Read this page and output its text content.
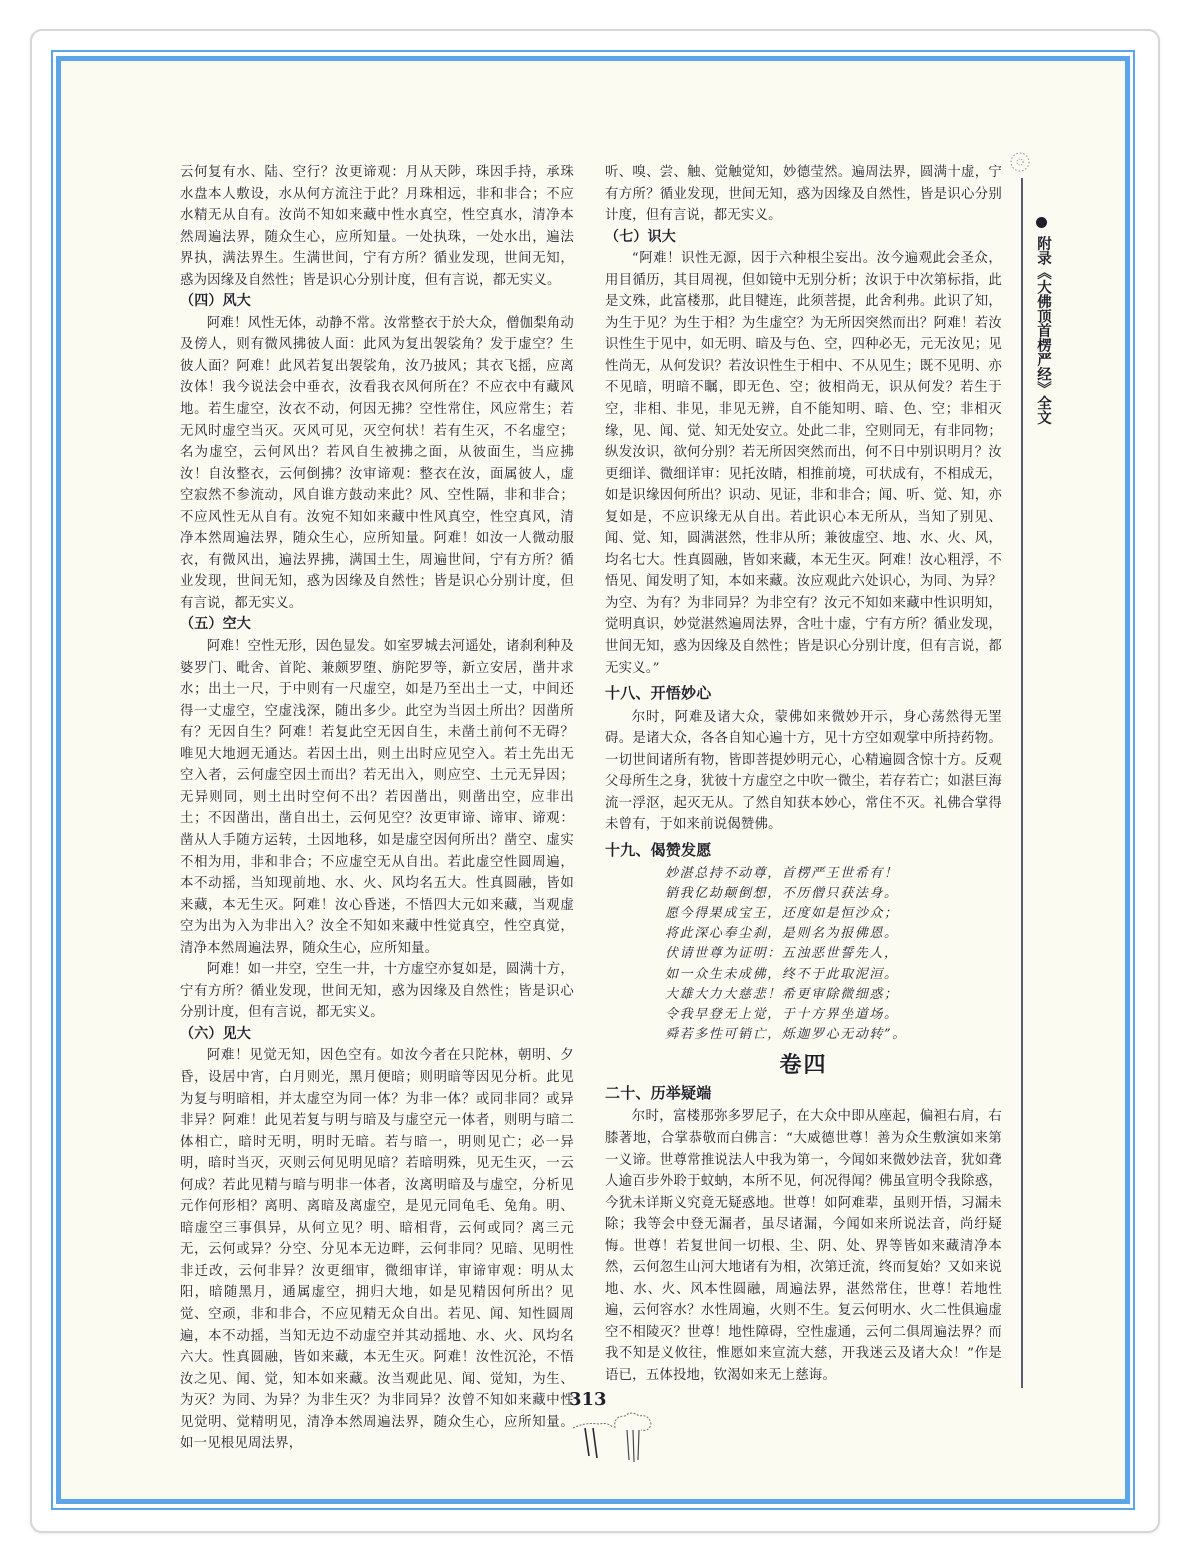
附录《大佛顶首楞严经》全文

云何复有水、陆、空行？汝更谛观：月从天陟，珠因手持，承珠水盘本人敷设，水从何方流注于此？月珠相远，非和非合；不应水精无从自有。汝尚不知如来藏中性水真空，性空真水，清净本然周遍法界，随众生心，应所知量。一处执珠，一处水出，遍法界执，满法界生。生满世间，宁有方所？循业发现，世间无知，惑为因缘及自然性；皆是识心分别计度，但有言说，都无实义。

（四）风大

阿难！风性无体，动静不常。汝常整衣于於大众，僧伽梨角动及傍人，则有微风拂彼人面：此风为复出袈裟角？发于虚空？生彼人面？阿难！此风若复出袈裟角，汝乃披风；其衣飞摇，应离汝体！我今说法会中垂衣，汝看我衣风何所在？不应衣中有藏风地。若生虚空，汝衣不动，何因无拂？空性常住，风应常生；若无风时虚空当灭。灭风可见，灭空何状！若有生灭，不名虚空；名为虚空，云何风出？若风自生被拂之面，从彼面生，当应拂汝！自汝整衣，云何倒拂？汝审谛观：整衣在汝，面属彼人，虚空寂然不参流动，风自谁方鼓动来此？风、空性隔，非和非合；不应风性无从自有。汝宛不知如来藏中性风真空，性空真风，清净本然周遍法界，随众生心，应所知量。阿难！如汝一人微动服衣，有微风出，遍法界拂，满国土生，周遍世间，宁有方所？循业发现，世间无知，惑为因缘及自然性；皆是识心分别计度，但有言说，都无实义。

（五）空大

阿难！空性无形，因色显发。如室罗城去河遥处，诸刹利种及婆罗门、毗舍、首陀、兼颇罗堕、旃陀罗等，新立安居，凿井求水；出土一尺，于中则有一尺虚空，如是乃至出土一丈，中间还得一丈虚空，空虚浅深，随出多少。此空为当因土所出？因凿所有？无因自生？阿难！若复此空无因自生，未凿土前何不无碍？唯见大地迥无通达。若因土出，则土出时应见空入。若土先出无空入者，云何虚空因土而出？若无出入，则应空、土元无异因；无异则同，则土出时空何不出？若因凿出，则凿出空，应非出土；不因凿出，凿自出土，云何见空？汝更审谛、谛审、谛观：凿从人手随方运转，土因地移，如是虚空因何所出？凿空、虚实不相为用，非和非合；不应虚空无从自出。若此虚空性圆周遍，本不动摇，当知现前地、水、火、风均名五大。性真圆融，皆如来藏，本无生灭。阿难！汝心昏迷，不悟四大元如来藏，当观虚空为出为入为非出入？汝全不知如来藏中性觉真空，性空真觉，清净本然周遍法界，随众生心，应所知量。

阿难！如一井空，空生一井，十方虚空亦复如是，圆满十方，宁有方所？循业发现，世间无知，惑为因缘及自然性；皆是识心分别计度，但有言说，都无实义。

（六）见大

阿难！见觉无知，因色空有。如汝今者在只陀林，朝明、夕昏，设居中宵，白月则光，黑月便暗；则明暗等因见分析。此见为复与明暗相，并太虚空为同一体？为非一体？或同非同？或异非异？阿难！此见若复与明与暗及与虚空元一体者，则明与暗二体相亡，暗时无明，明时无暗。若与暗一，明则见亡；必一异明，暗时当灭，灭则云何见明见暗？若暗明殊，见无生灭，一云何成？若此见精与暗与明非一体者，汝离明暗及与虚空，分析见元作何形相？离明、离暗及离虚空，是见元同龟毛、兔角。明、暗虚空三事俱异，从何立见？明、暗相背，云何或同？离三元无，云何或异？分空、分见本无边畔，云何非同？见暗、见明性非迁改，云何非异？汝更细审，微细审详，审谛审观：明从太阳，暗随黑月，通属虚空，拥归大地，如是见精因何所出？见觉、空顽，非和非合，不应见精无众自出。若见、闻、知性圆周遍，本不动摇，当知无边不动虚空并其动摇地、水、火、风均名六大。性真圆融，皆如来藏，本无生灭。阿难！汝性沉沦，不悟汝之见、闻、觉，知本如来藏。汝当观此见、闻、觉知，为生、为灭？为同、为异？为非生灭？为非同异？汝曾不知如来藏中性见觉明、觉精明见，清净本然周遍法界，随众生心，应所知量。如一见根见周法界，

听、嗅、尝、触、觉触觉知，妙德莹然。遍周法界，圆满十虚，宁有方所？循业发现，世间无知，惑为因缘及自然性，皆是识心分别计度，但有言说，都无实义。

（七）识大

“阿难！识性无源，因于六种根尘妄出。汝今遍观此会圣众，用目循历，其目周视，但如镜中无别分析；汝识于中次第标指，此是文殊，此富楼那，此目犍连，此须菩提，此舍利弗。此识了知，为生于见？为生于相？为生虚空？为无所因突然而出？阿难！若汝识性生于见中，如无明、暗及与色、空，四种必无，元无汝见；见性尚无，从何发识？若汝识性生于相中、不从见生；既不见明、亦不见暗，明暗不瞩，即无色、空；彼相尚无，识从何发？若生于空，非相、非见，非见无辨，自不能知明、暗、色、空；非相灭缘，见、闻、觉、知无处安立。处此二非，空则同无，有非同物；纵发汝识，欲何分别？若无所因突然而出，何不日中别识明月？汝更细详、微细详审：见托汝睛，相推前境，可状成有，不相成无，如是识缘因何所出？识动、见证，非和非合；闻、听、觉、知，亦复如是，不应识缘无从自出。若此识心本无所从，当知了别见、闻、觉、知，圆满湛然，性非从所；兼彼虚空、地、水、火、风，均名七大。性真圆融，皆如来藏，本无生灭。阿难！汝心粗浮，不悟见、闻发明了知，本如来藏。汝应观此六处识心，为同、为异？为空、为有？为非同异？为非空有？汝元不知如来藏中性识明知，觉明真识，妙觉湛然遍周法界，含吐十虚，宁有方所？循业发现，世间无知，惑为因缘及自然性；皆是识心分别计度，但有言说，都无实义。”

十八、开悟妙心

尔时，阿难及诸大众，蒙佛如来微妙开示，身心荡然得无罣碍。是诸大众，各各自知心遍十方，见十方空如观掌中所持药物。一切世间诸所有物，皆即菩提妙明元心，心精遍圆含惊十方。反观父母所生之身，犹彼十方虚空之中吹一微尘，若存若亡；如湛巨海流一浮沤，起灭无从。了然自知获本妙心，常住不灭。礼佛合掌得未曾有，于如来前说偈赞佛。

十九、偈赞发愿
妙湛总持不动尊，首楞严王世希有！
销我亿劫颠倒想，不历僧只获法身。
愿今得果成宝王，还度如是恒沙众；
将此深心奉尘刹，是则名为报佛恩。
伏请世尊为证明：五浊恶世誓先人，
如一众生未成佛，终不于此取泥洹。
大雄大力大慈悲！希更审除微细惑；
令我早登无上觉，于十方界坐道场。
舜若多性可销亡，烁迦罗心无动转”。
卷四
二十、历举疑端

尔时，富楼那弥多罗尼子，在大众中即从座起，偏袒右肩，右膝著地，合掌恭敬而白佛言：“大威德世尊！善为众生敷演如来第一义谛。世尊常推说法人中我为第一，今闻如来微妙法音，犹如聋人逾百步外聆于蚊蚋，本所不见，何况得闻？佛虽宣明令我除惑，今犹未详斯义究竟无疑惑地。世尊！如阿难辈，虽则开悟，习漏未除；我等会中登无漏者，虽尽诸漏，今闻如来所说法音，尚纡疑悔。世尊！若复世间一切根、尘、阴、处、界等皆如来藏清净本然，云何忽生山河大地诸有为相，次第迁流，终而复始？又如来说地、水、火、风本性圆融，周遍法界，湛然常住，世尊！若地性遍，云何容水？水性周遍，火则不生。复云何明水、火二性俱遍虚空不相陵灭？世尊！地性障碍，空性虚通，云何二俱周遍法界？而我不知是义攸往，惟愿如来宣流大慈，开我迷云及诸大众！”作是语已，五体投地，钦渴如来无上慈诲。

313
